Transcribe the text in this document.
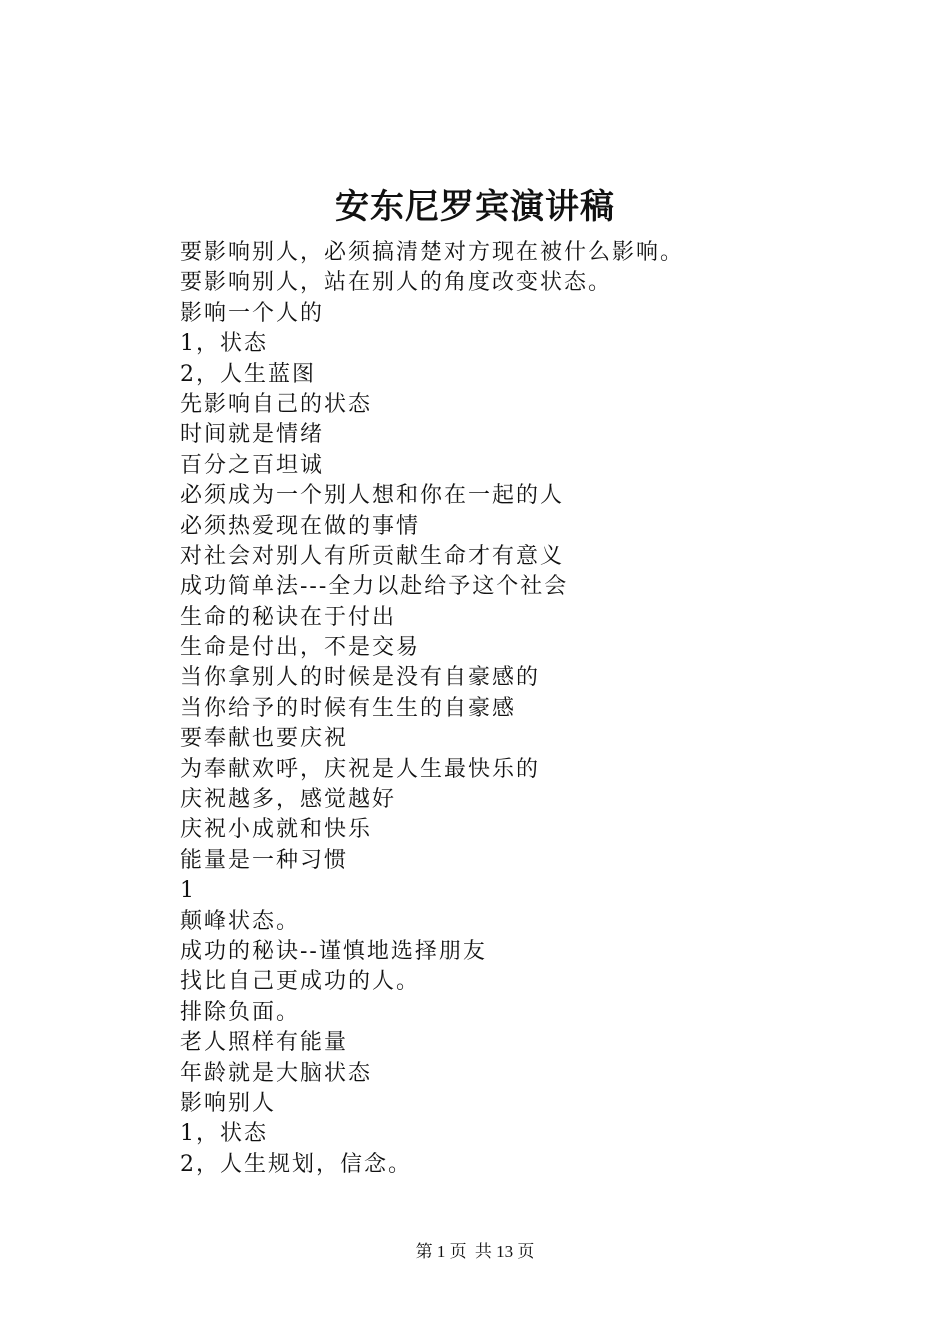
安东尼罗宾演讲稿
要影响别人，必须搞清楚对方现在被什么影响。
要影响别人，站在别人的角度改变状态。
影响一个人的
1，状态
2，人生蓝图
先影响自己的状态
时间就是情绪
百分之百坦诚
必须成为一个别人想和你在一起的人
必须热爱现在做的事情
对社会对别人有所贡献生命才有意义
成功简单法---全力以赴给予这个社会
生命的秘诀在于付出
生命是付出，不是交易
当你拿别人的时候是没有自豪感的
当你给予的时候有生生的自豪感
要奉献也要庆祝
为奉献欢呼，庆祝是人生最快乐的
庆祝越多，感觉越好
庆祝小成就和快乐
能量是一种习惯
1
颠峰状态。
成功的秘诀--谨慎地选择朋友
找比自己更成功的人。
排除负面。
老人照样有能量
年龄就是大脑状态
影响别人
1，状态
2，人生规划，信念。
第 1 页 共 13 页
